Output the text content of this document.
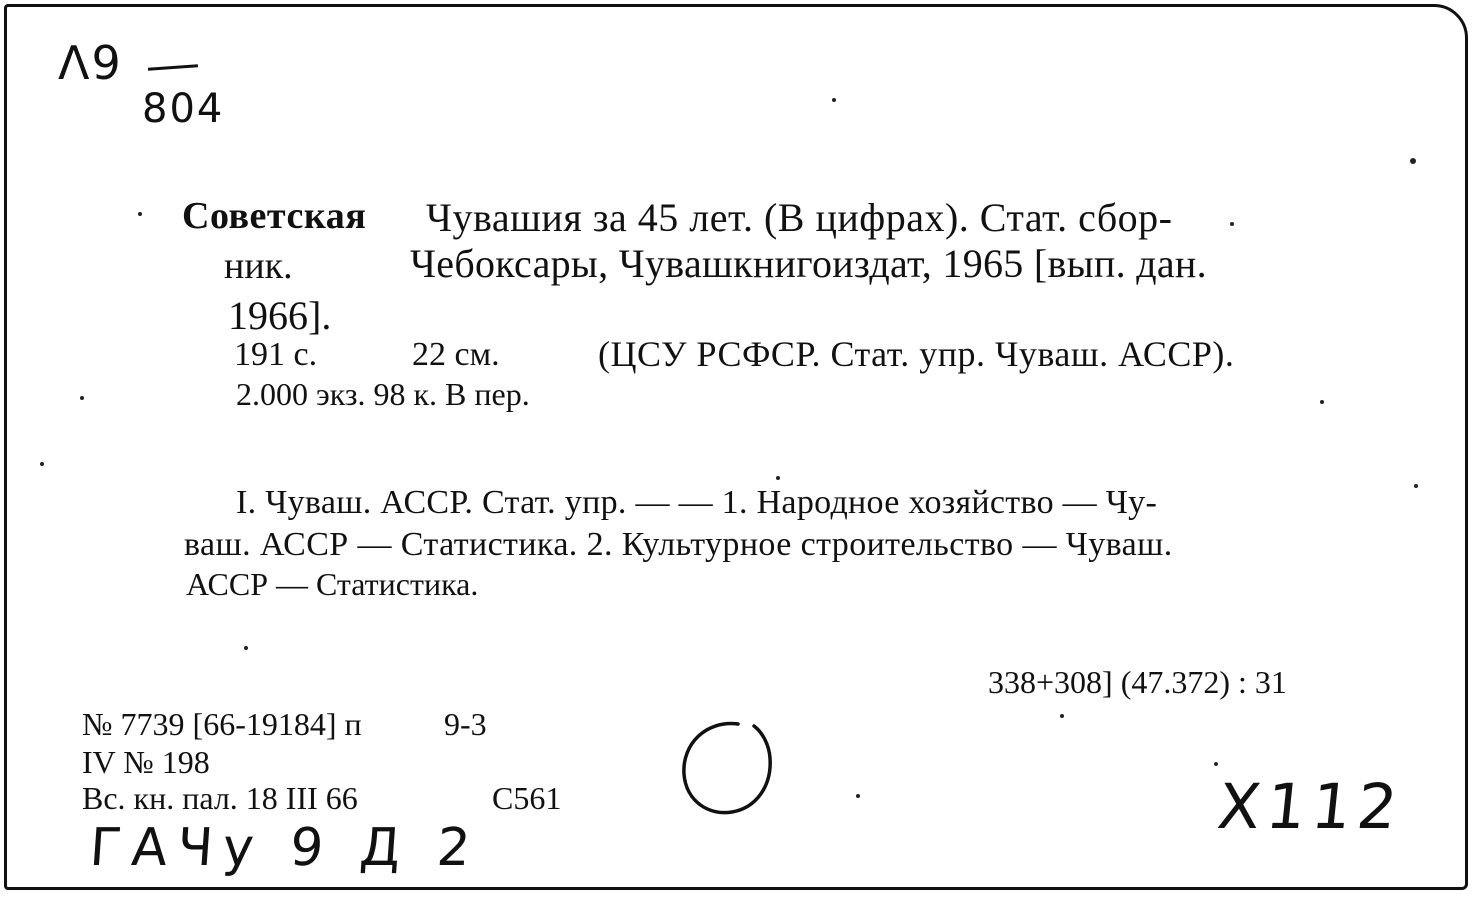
Λ9
804
Советская Чувашия за 45 лет. (В цифрах). Стат. сбор-
ник.	Чебоксары, Чувашкнигоиздат, 1965 [вып. дан.
1966].
191 с.	22 см.	(ЦСУ РСФСР. Стат. упр. Чуваш. АССР).
2.000 экз. 98 к. В пер.
I. Чуваш. АССР. Стат. упр. — — 1. Народное хозяйство — Чу-
ваш. АССР — Статистика. 2. Культурное строительство — Чуваш.
АССР — Статистика.
338+308] (47.372) : 31
№ 7739 [66-19184] п	9-3
IV № 198
Вс. кн. пал. 18 III 66	С561
ГАЧу 9 Д 2
X112
